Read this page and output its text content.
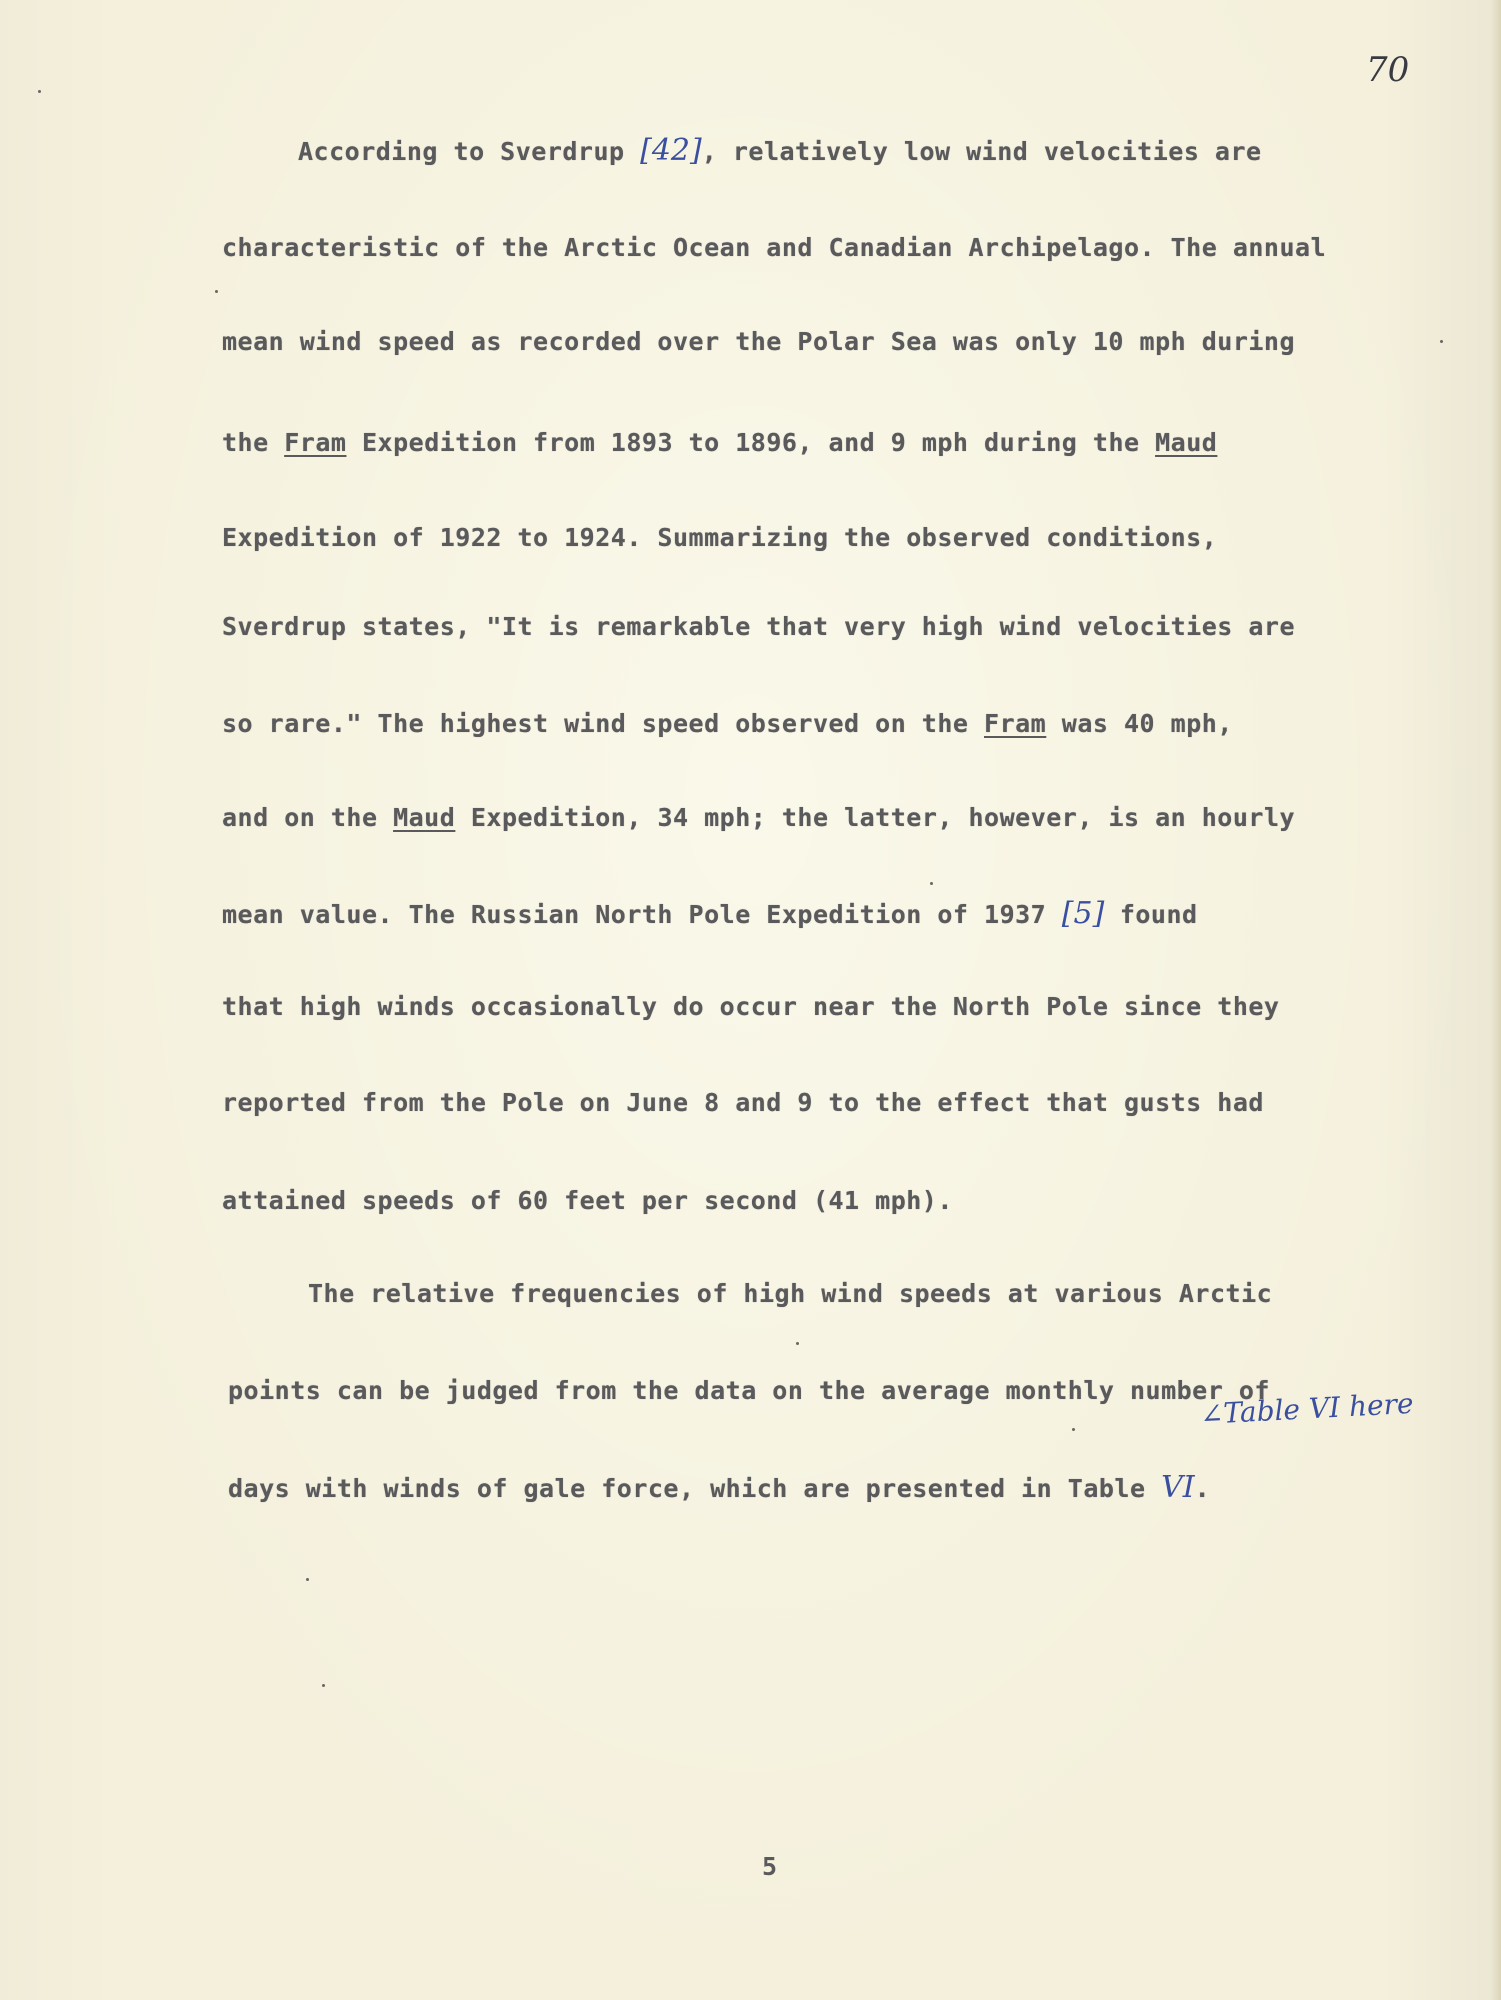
70

According to Sverdrup [42], relatively low wind velocities are

characteristic of the Arctic Ocean and Canadian Archipelago. The annual

mean wind speed as recorded over the Polar Sea was only 10 mph during

the Fram Expedition from 1893 to 1896, and 9 mph during the Maud

Expedition of 1922 to 1924. Summarizing the observed conditions,

Sverdrup states, "It is remarkable that very high wind velocities are

so rare." The highest wind speed observed on the Fram was 40 mph,

and on the Maud Expedition, 34 mph; the latter, however, is an hourly

mean value. The Russian North Pole Expedition of 1937 [5] found

that high winds occasionally do occur near the North Pole since they

reported from the Pole on June 8 and 9 to the effect that gusts had

attained speeds of 60 feet per second (41 mph).

The relative frequencies of high wind speeds at various Arctic

points can be judged from the data on the average monthly number of

∠Table VI here

days with winds of gale force, which are presented in Table VI.

5
